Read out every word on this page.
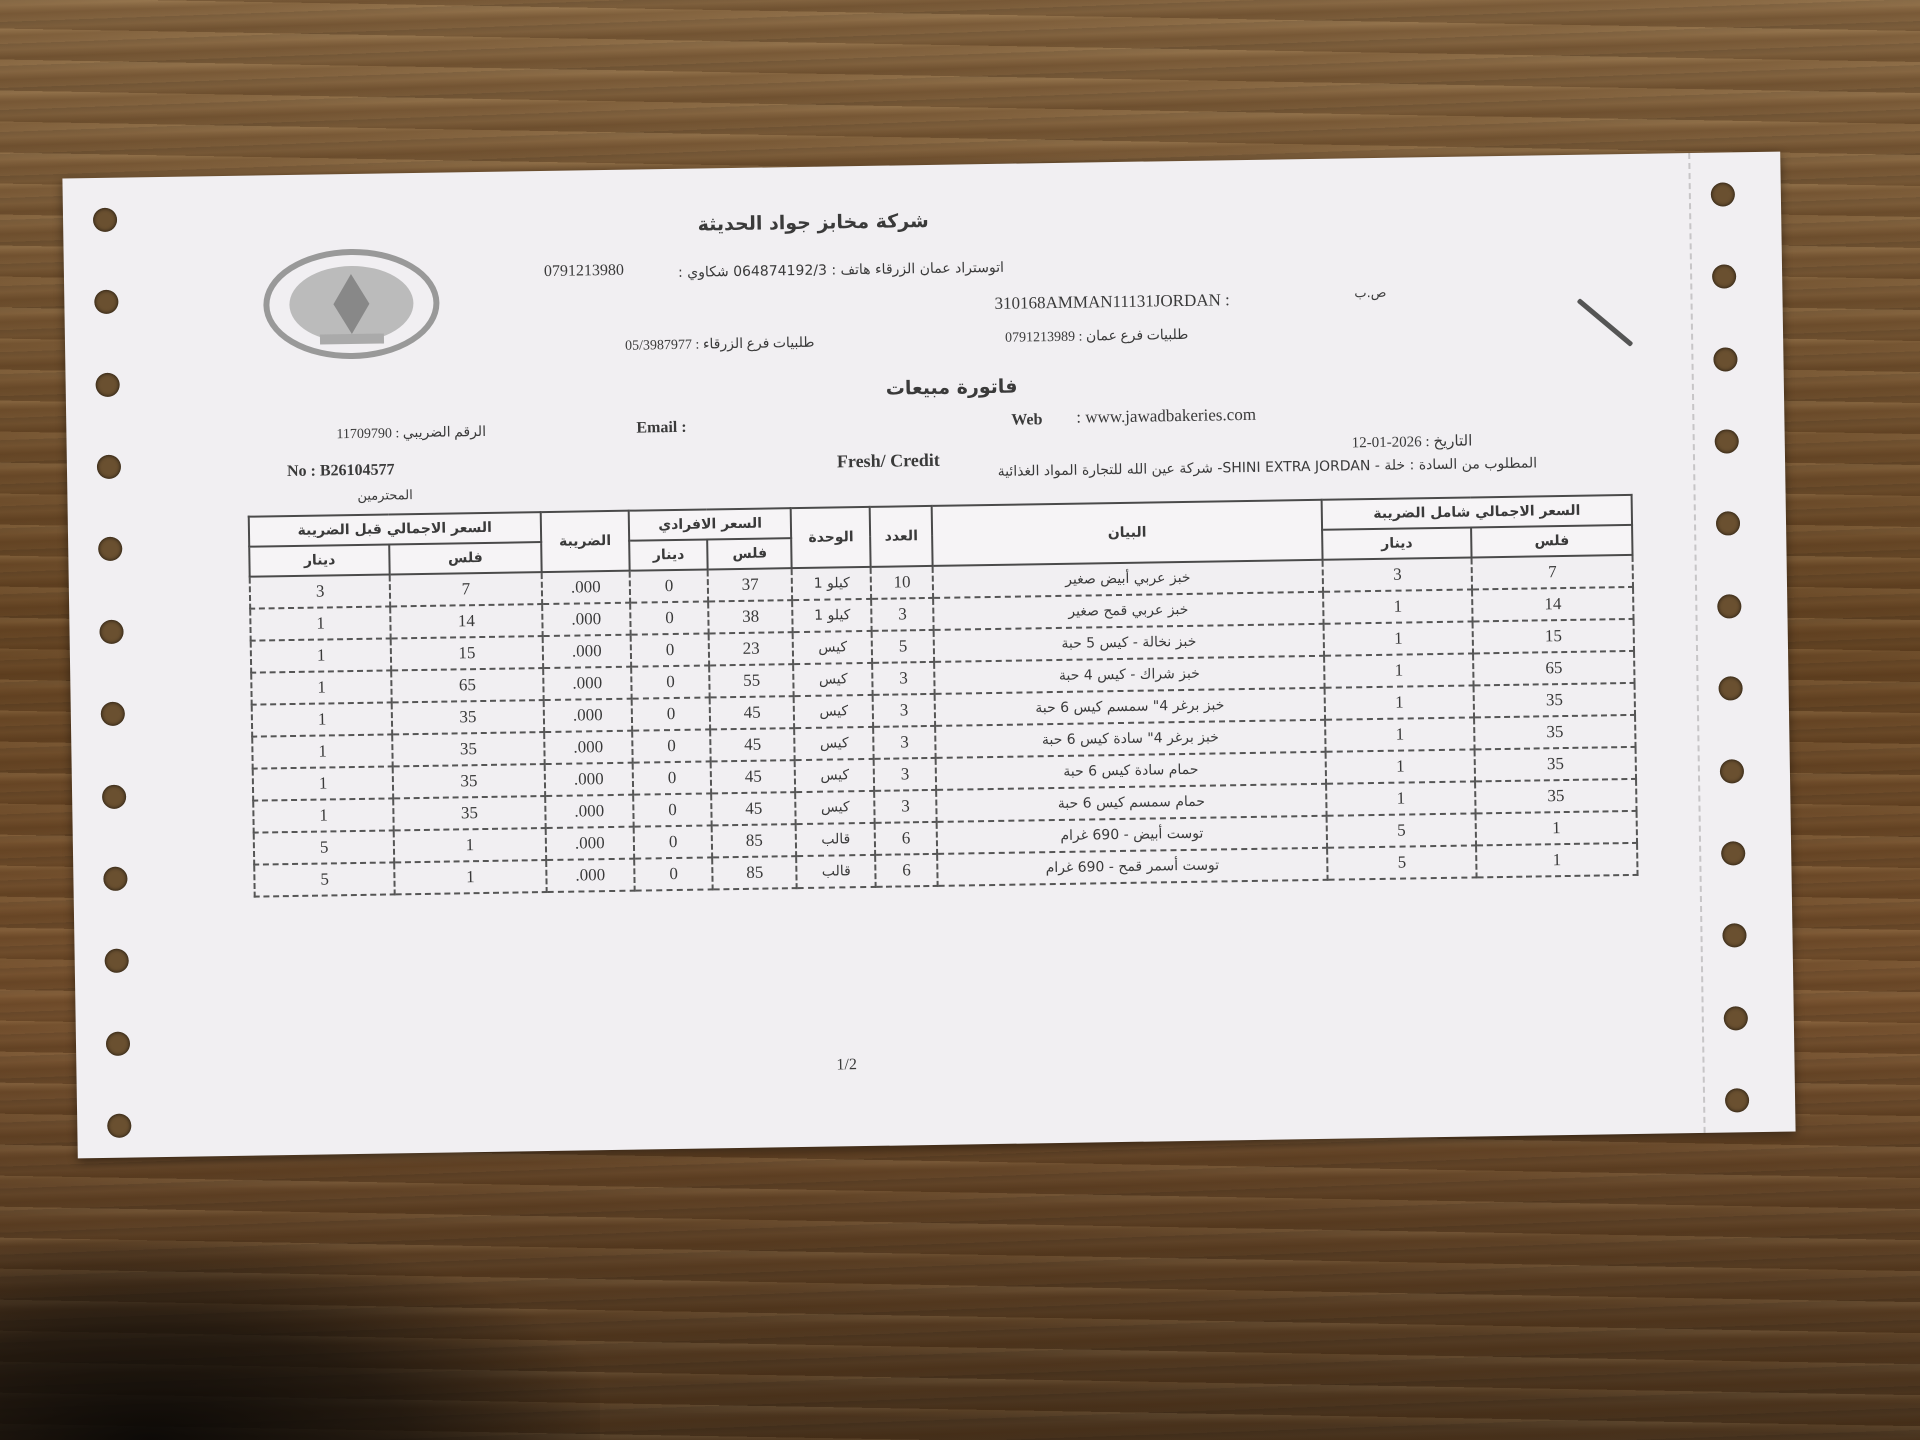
شركة مخابز جواد الحديثة
0791213980	اتوستراد عمان الزرقاء هاتف : 064874192/3 شكاوي :
310168AMMAN11131JORDAN :	ص.ب
طلبيات فرع عمان : 0791213989
طلبيات فرع الزرقاء : 05/3987977
فاتورة مبيعات
الرقم الضريبي : 11709790	Email :	Web : www.jawadbakeries.com
التاريخ : 2026-01-12
Fresh/ Credit
No : B26104577
المحترمين
المطلوب من السادة : خلة - SHINI EXTRA JORDAN- شركة عين الله للتجارة المواد الغذائية
السعر الاجمالي قبل الضريبة		الضريبة	السعر الافرادي		الوحدة	العدد	البيان	السعر الاجمالي شامل الضريبة	
دينار	فلس		دينار	فلس				دينار	فلس
3	7	.000	0	37	كيلو 1	10	خبز عربي أبيض صغير	3	7
1	14	.000	0	38	كيلو 1	3	خبز عربي قمح صغير	1	14
1	15	.000	0	23	كيس	5	خبز نخالة - كيس 5 حبة	1	15
1	65	.000	0	55	كيس	3	خبز شراك - كيس 4 حبة	1	65
1	35	.000	0	45	كيس	3	خبز برغر 4" سمسم كيس 6 حبة	1	35
1	35	.000	0	45	كيس	3	خبز برغر 4" سادة كيس 6 حبة	1	35
1	35	.000	0	45	كيس	3	حمام سادة كيس 6 حبة	1	35
1	35	.000	0	45	كيس	3	حمام سمسم كيس 6 حبة	1	35
5	1	.000	0	85	قالب	6	توست أبيض - 690 غرام	5	1
5	1	.000	0	85	قالب	6	توست أسمر قمح - 690 غرام	5	1
1/2
